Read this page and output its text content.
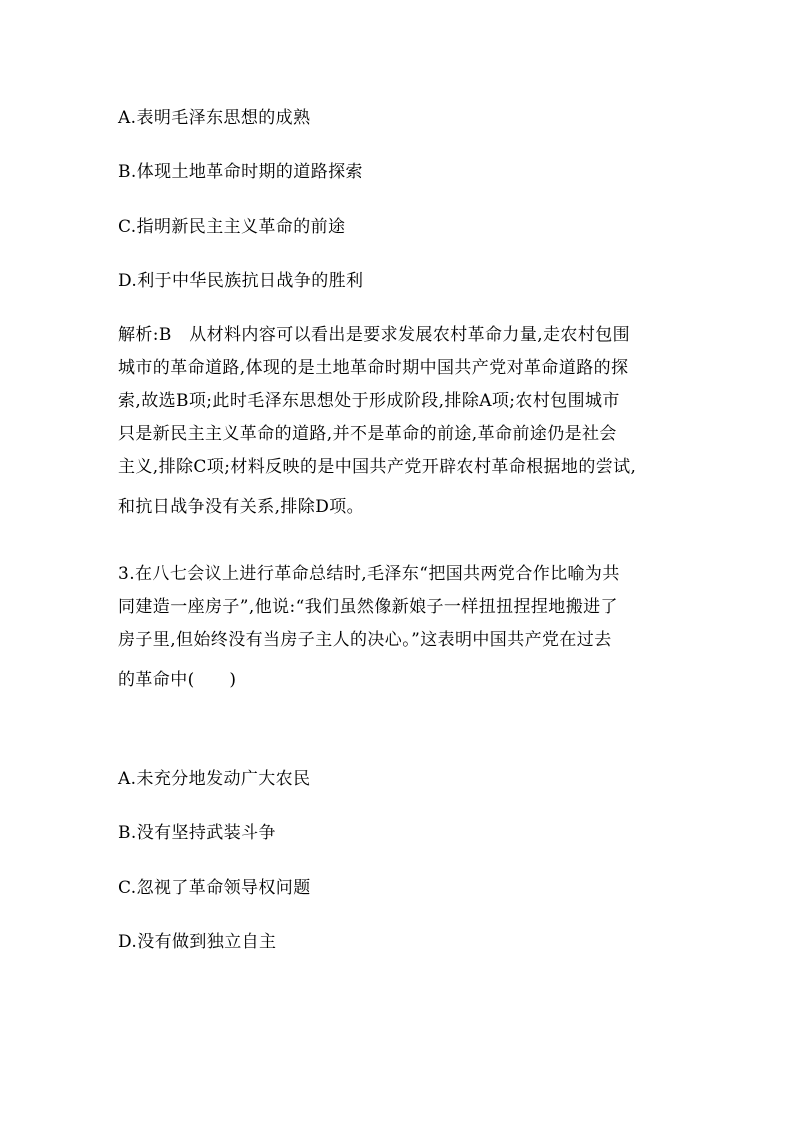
A.表明毛泽东思想的成熟
B.体现土地革命时期的道路探索
C.指明新民主主义革命的前途
D.利于中华民族抗日战争的胜利
解析:B　从材料内容可以看出是要求发展农村革命力量,走农村包围
城市的革命道路,体现的是土地革命时期中国共产党对革命道路的探
索,故选B项;此时毛泽东思想处于形成阶段,排除A项;农村包围城市
只是新民主主义革命的道路,并不是革命的前途,革命前途仍是社会
主义,排除C项;材料反映的是中国共产党开辟农村革命根据地的尝试,
和抗日战争没有关系,排除D项。
3.在八七会议上进行革命总结时,毛泽东“把国共两党合作比喻为共
同建造一座房子”,他说:“我们虽然像新娘子一样扭扭捏捏地搬进了
房子里,但始终没有当房子主人的决心。”这表明中国共产党在过去
的革命中(　　)
A.未充分地发动广大农民
B.没有坚持武装斗争
C.忽视了革命领导权问题
D.没有做到独立自主
